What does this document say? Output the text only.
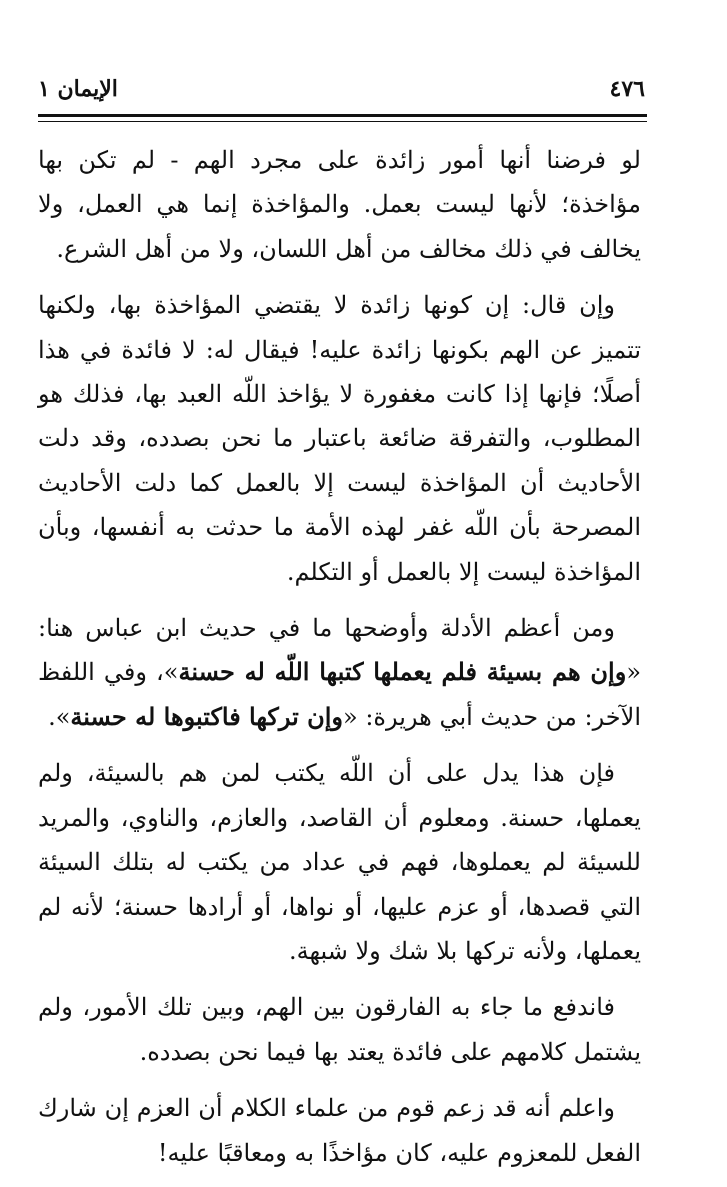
٤٧٦
الإيمان ١

لو فرضنا أنها أمور زائدة على مجرد الهم - لم تكن بها مؤاخذة؛ لأنها ليست بعمل. والمؤاخذة إنما هي العمل، ولا يخالف في ذلك مخالف من أهل اللسان، ولا من أهل الشرع.

وإن قال: إن كونها زائدة لا يقتضي المؤاخذة بها، ولكنها تتميز عن الهم بكونها زائدة عليه! فيقال له: لا فائدة في هذا أصلًا؛ فإنها إذا كانت مغفورة لا يؤاخذ اللّه العبد بها، فذلك هو المطلوب، والتفرقة ضائعة باعتبار ما نحن بصدده، وقد دلت الأحاديث أن المؤاخذة ليست إلا بالعمل كما دلت الأحاديث المصرحة بأن اللّه غفر لهذه الأمة ما حدثت به أنفسها، وبأن المؤاخذة ليست إلا بالعمل أو التكلم.

ومن أعظم الأدلة وأوضحها ما في حديث ابن عباس هنا: «وإن هم بسيئة فلم يعملها كتبها اللّه له حسنة»، وفي اللفظ الآخر: من حديث أبي هريرة: «وإن تركها فاكتبوها له حسنة».

فإن هذا يدل على أن اللّه يكتب لمن هم بالسيئة، ولم يعملها، حسنة. ومعلوم أن القاصد، والعازم، والناوي، والمريد للسيئة لم يعملوها، فهم في عداد من يكتب له بتلك السيئة التي قصدها، أو عزم عليها، أو نواها، أو أرادها حسنة؛ لأنه لم يعملها، ولأنه تركها بلا شك ولا شبهة.

فاندفع ما جاء به الفارقون بين الهم، وبين تلك الأمور، ولم يشتمل كلامهم على فائدة يعتد بها فيما نحن بصدده.

واعلم أنه قد زعم قوم من علماء الكلام أن العزم إن شارك الفعل للمعزوم عليه، كان مؤاخذًا به ومعاقبًا عليه!
